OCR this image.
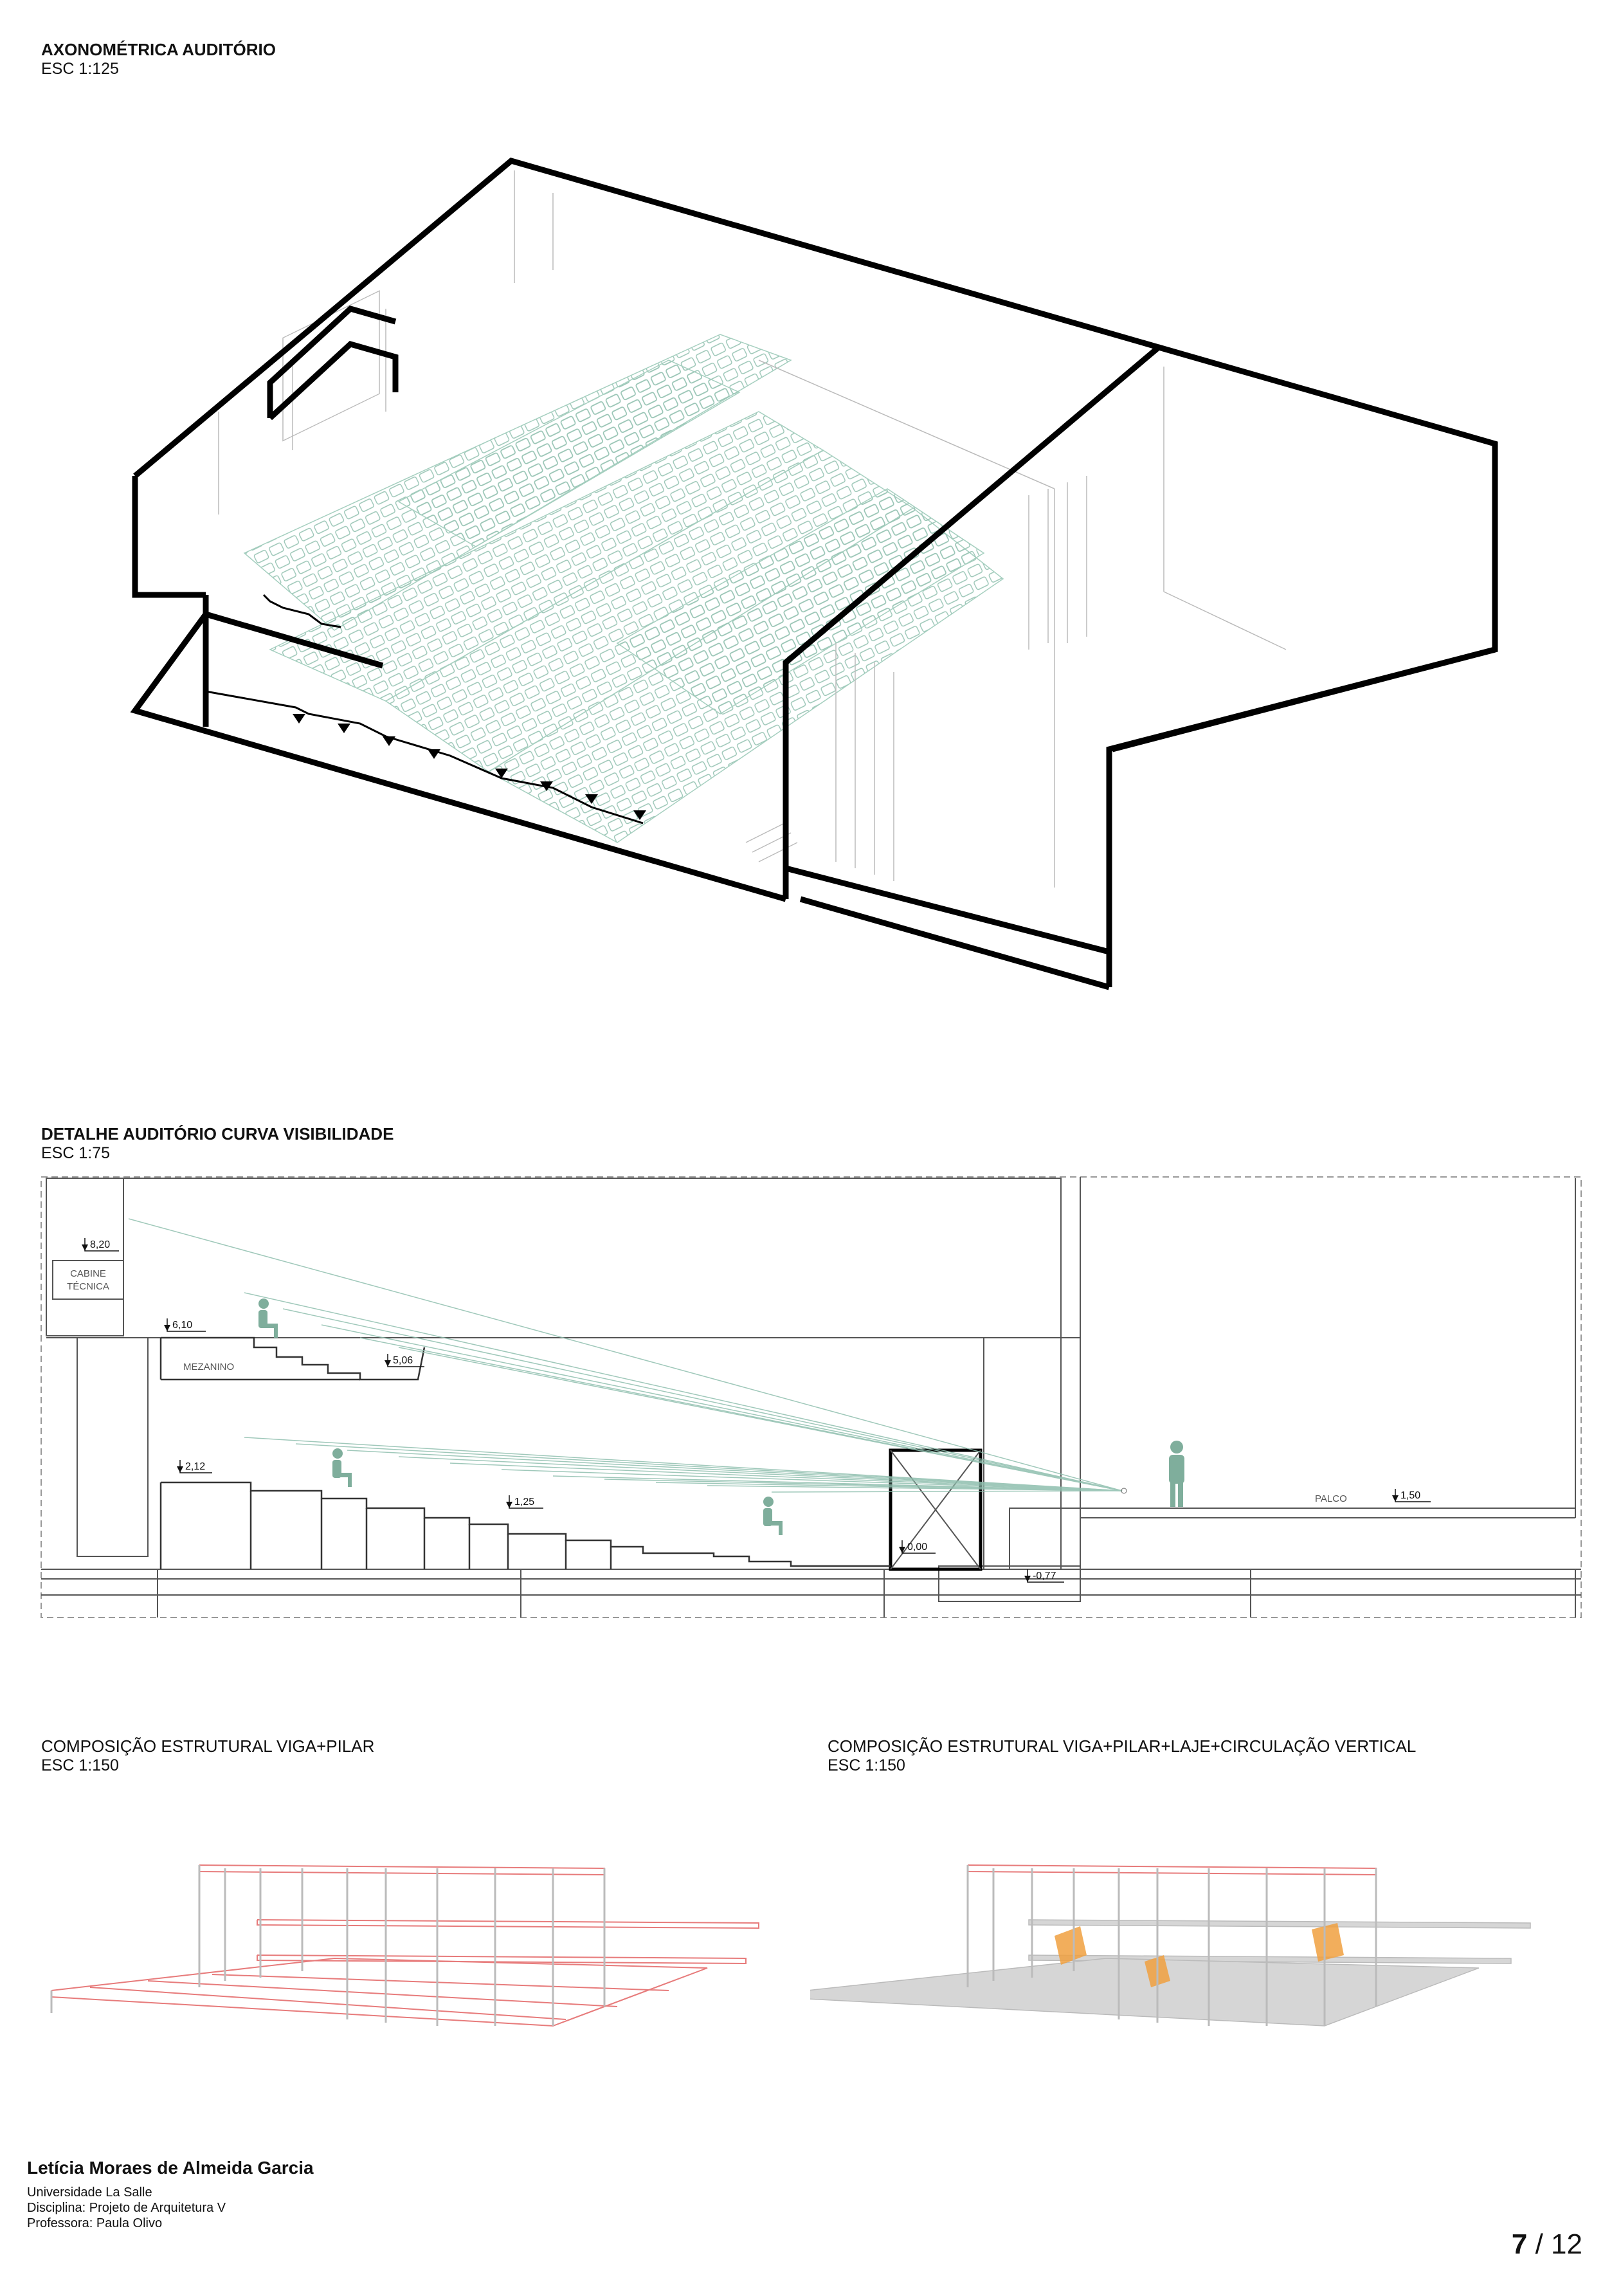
AXONOMÉTRICA AUDITÓRIO

ESC 1:125

DETALHE AUDITÓRIO CURVA VISIBILIDADE

ESC 1:75

CABINE
TÉCNICA
MEZANINO
PALCO
8,20
6,10
5,06
2,12
1,25
0,00
-0,77
1,50

COMPOSIÇÃO ESTRUTURAL VIGA+PILAR

ESC 1:150

COMPOSIÇÃO ESTRUTURAL VIGA+PILAR+LAJE+CIRCULAÇÃO VERTICAL

ESC 1:150

Letícia Moraes de Almeida Garcia

Universidade La Salle

Disciplina: Projeto de Arquitetura V

Professora: Paula Olivo

7 / 12
